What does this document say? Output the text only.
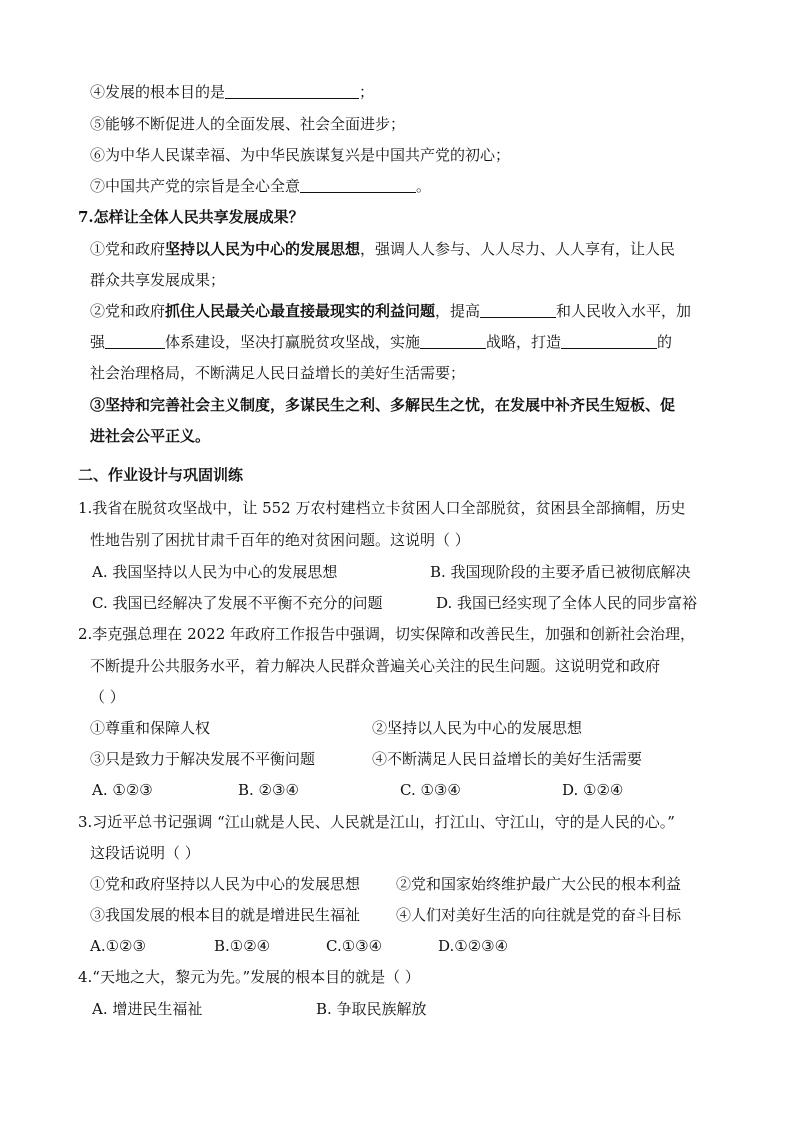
④发展的根本目的是	；
⑤能够不断促进人的全面发展、社会全面进步；
⑥为中华人民谋幸福、为中华民族谋复兴是中国共产党的初心；
⑦中国共产党的宗旨是全心全意	。
7.怎样让全体人民共享发展成果？
①党和政府坚持以人民为中心的发展思想，强调人人参与、人人尽力、人人享有，让人民
群众共享发展成果；
②党和政府抓住人民最关心最直接最现实的利益问题，提高	和人民收入水平，加
强	体系建设，坚决打赢脱贫攻坚战，实施	战略，打造	的
社会治理格局，不断满足人民日益增长的美好生活需要；
③坚持和完善社会主义制度，多谋民生之利、多解民生之忧，在发展中补齐民生短板、促
进社会公平正义。
二、作业设计与巩固训练
1.我省在脱贫攻坚战中，让 552 万农村建档立卡贫困人口全部脱贫，贫困县全部摘帽，历史
性地告别了困扰甘肃千百年的绝对贫困问题。这说明（ ）
A. 我国坚持以人民为中心的发展思想	B. 我国现阶段的主要矛盾已被彻底解决
C. 我国已经解决了发展不平衡不充分的问题	D. 我国已经实现了全体人民的同步富裕
2.李克强总理在 2022 年政府工作报告中强调，切实保障和改善民生，加强和创新社会治理，
不断提升公共服务水平，着力解决人民群众普遍关心关注的民生问题。这说明党和政府
（ ）
①尊重和保障人权	②坚持以人民为中心的发展思想
③只是致力于解决发展不平衡问题	④不断满足人民日益增长的美好生活需要
A. ①②③	B. ②③④	C. ①③④	D. ①②④
3.习近平总书记强调 “江山就是人民、人民就是江山，打江山、守江山，守的是人民的心。”
这段话说明（ ）
①党和政府坚持以人民为中心的发展思想 ②党和国家始终维护最广大公民的根本利益
③我国发展的根本目的就是增进民生福祉 ④人们对美好生活的向往就是党的奋斗目标
A.①②③	B.①②④	C.①③④	D.①②③④
4.“天地之大，黎元为先。”发展的根本目的就是（ ）
A. 增进民生福祉	B. 争取民族解放
